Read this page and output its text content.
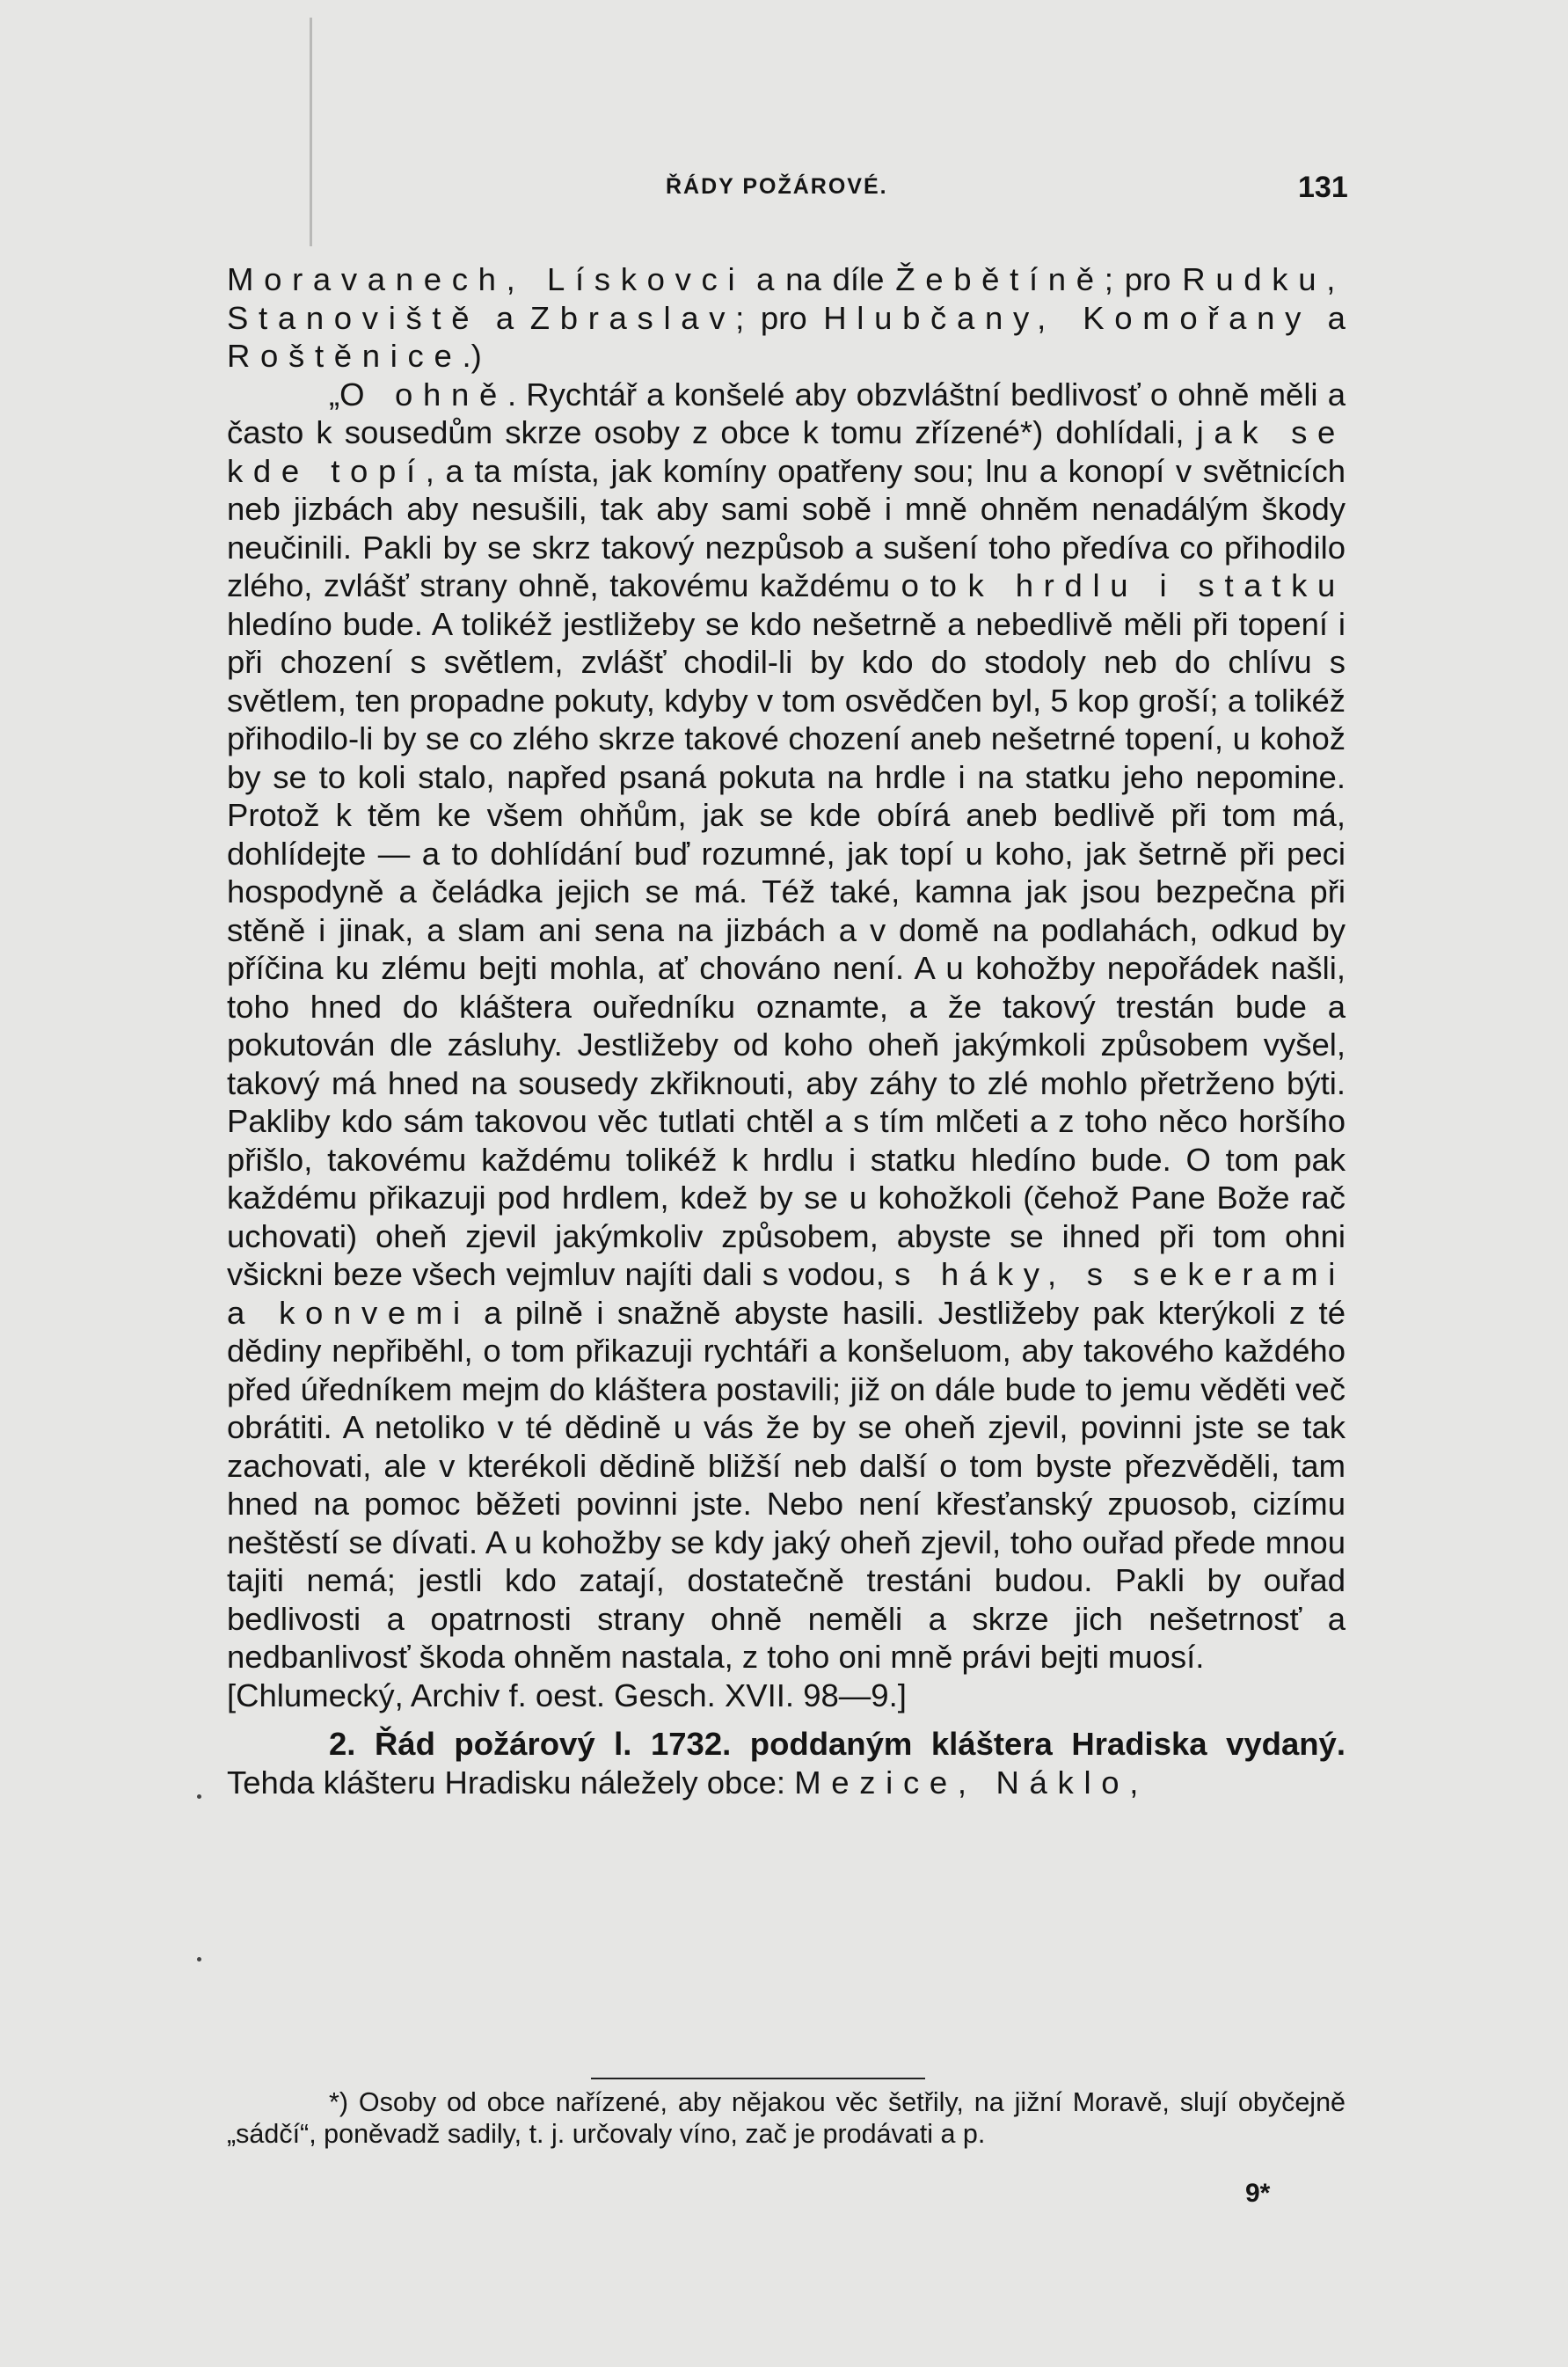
ŘÁDY POŽÁROVÉ.	131

Moravanech, Lískovci a na díle Žebětíně; pro Rudku, Stanoviště a Zbraslav; pro Hlubčany, Komořany a Roštěnice.)

„O ohně. Rychtář a konšelé aby obzvláštní bedlivosť o ohně měli a často k sousedům skrze osoby z obce k tomu zřízené*) dohlídali, jak se kde topí, a ta místa, jak komíny opatřeny sou; lnu a konopí v světnicích neb jizbách aby nesušili, tak aby sami sobě i mně ohněm nenadálým škody neučinili. Pakli by se skrz takový nezpůsob a sušení toho předíva co přihodilo zlého, zvlášť strany ohně, takovému každému o to k hrdlu i statku hledíno bude. A tolikéž jestližeby se kdo nešetrně a nebedlivě měli při topení i při chození s světlem, zvlášť chodil-li by kdo do stodoly neb do chlívu s světlem, ten propadne pokuty, kdyby v tom osvědčen byl, 5 kop groší; a tolikéž přihodilo-li by se co zlého skrze takové chození aneb nešetrné topení, u kohož by se to koli stalo, napřed psaná pokuta na hrdle i na statku jeho nepomine. Protož k těm ke všem ohňům, jak se kde obírá aneb bedlivě při tom má, dohlídejte — a to dohlídání buď rozumné, jak topí u koho, jak šetrně při peci hospodyně a čeládka jejich se má. Též také, kamna jak jsou bezpečna při stěně i jinak, a slam ani sena na jizbách a v domě na podlahách, odkud by příčina ku zlému bejti mohla, ať chováno není. A u kohožby nepořádek našli, toho hned do kláštera ouředníku oznamte, a že takový trestán bude a pokutován dle zásluhy. Jestližeby od koho oheň jakýmkoli způsobem vyšel, takový má hned na sousedy zkřiknouti, aby záhy to zlé mohlo přetrženo býti. Pakliby kdo sám takovou věc tutlati chtěl a s tím mlčeti a z toho něco horšího přišlo, takovému každému tolikéž k hrdlu i statku hledíno bude. O tom pak každému přikazuji pod hrdlem, kdež by se u kohožkoli (čehož Pane Bože rač uchovati) oheň zjevil jakýmkoliv způsobem, abyste se ihned při tom ohni všickni beze všech vejmluv najíti dali s vodou, s háky, s sekerami a konvemi a pilně i snažně abyste hasili. Jestližeby pak kterýkoli z té dědiny nepřiběhl, o tom přikazuji rychtáři a konšeluom, aby takového každého před úředníkem mejm do kláštera postavili; již on dále bude to jemu věděti več obrátiti. A netoliko v té dědině u vás že by se oheň zjevil, povinni jste se tak zachovati, ale v kterékoli dědině bližší neb další o tom byste přezvěděli, tam hned na pomoc běžeti povinni jste. Nebo není křesťanský zpuosob, cizímu neštěstí se dívati. A u kohožby se kdy jaký oheň zjevil, toho ouřad přede mnou tajiti nemá; jestli kdo zatají, dostatečně trestáni budou. Pakli by ouřad bedlivosti a opatrnosti strany ohně neměli a skrze jich nešetrnosť a nedbanlivosť škoda ohněm nastala, z toho oni mně právi bejti muosí.
[Chlumecký, Archiv f. oest. Gesch. XVII. 98—9.]

2. Řád požárový l. 1732. poddaným kláštera Hradiska vydaný. Tehda klášteru Hradisku náležely obce: Mezice, Náklo,

*) Osoby od obce nařízené, aby nějakou věc šetřily, na jižní Moravě, slují obyčejně „sádčí“, poněvadž sadily, t. j. určovaly víno, zač je prodávati a p.

9*
